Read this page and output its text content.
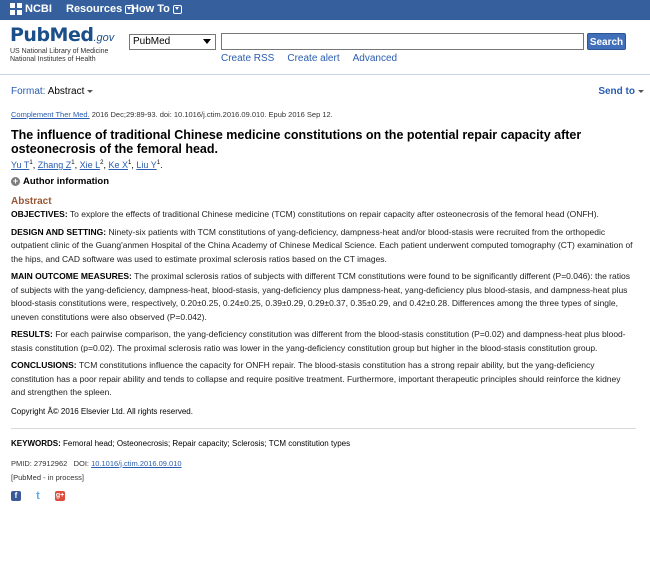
NCBI Resources How To
PubMed.gov
US National Library of Medicine
National Institutes of Health
PubMed	Search
Create RSS Create alert Advanced
Format: Abstract	Send to
Complement Ther Med. 2016 Dec;29:89-93. doi: 10.1016/j.ctim.2016.09.010. Epub 2016 Sep 12.
The influence of traditional Chinese medicine constitutions on the potential repair capacity after osteonecrosis of the femoral head.
Yu $T^1$, Zhang $Z^1$, Xie $L^2$, Ke $X^1$, Liu $Y^1$.
+ Author information
Abstract
OBJECTIVES: To explore the effects of traditional Chinese medicine (TCM) constitutions on repair capacity after osteonecrosis of the femoral head (ONFH).
DESIGN AND SETTING: Ninety-six patients with TCM constitutions of yang-deficiency, dampness-heat and/or blood-stasis were recruited from the orthopedic outpatient clinic of the Guang'anmen Hospital of the China Academy of Chinese Medical Science. Each patient underwent computed tomography (CT) examination of the hips, and CAD software was used to estimate proximal sclerosis ratios based on the CT images.
MAIN OUTCOME MEASURES: The proximal sclerosis ratios of subjects with different TCM constitutions were found to be significantly different (P=0.046): the ratios of subjects with the yang-deficiency, dampness-heat, blood-stasis, yang-deficiency plus dampness-heat, yang-deficiency plus blood-stasis, and dampness-heat plus blood-stasis constitutions were, respectively, 0.20±0.25, 0.24±0.25, 0.39±0.29, 0.29±0.37, 0.35±0.29, and 0.42±0.28. Differences among the three types of single, uneven constitutions were also observed (P=0.042).
RESULTS: For each pairwise comparison, the yang-deficiency constitution was different from the blood-stasis constitution (P=0.02) and dampness-heat plus blood-stasis constitution (p=0.02). The proximal sclerosis ratio was lower in the yang-deficiency constitution group but higher in the blood-stasis constitution group.
CONCLUSIONS: TCM constitutions influence the capacity for ONFH repair. The blood-stasis constitution has a strong repair ability, but the yang-deficiency constitution has a poor repair ability and tends to collapse and require positive treatment. Furthermore, important therapeutic principles should reinforce the kidney and strengthen the spleen.
Copyright Â© 2016 Elsevier Ltd. All rights reserved.
KEYWORDS: Femoral head; Osteonecrosis; Repair capacity; Sclerosis; TCM constitution types
PMID: 27912962 DOI: 10.1016/j.ctim.2016.09.010
[PubMed - in process]
f	t	g+
